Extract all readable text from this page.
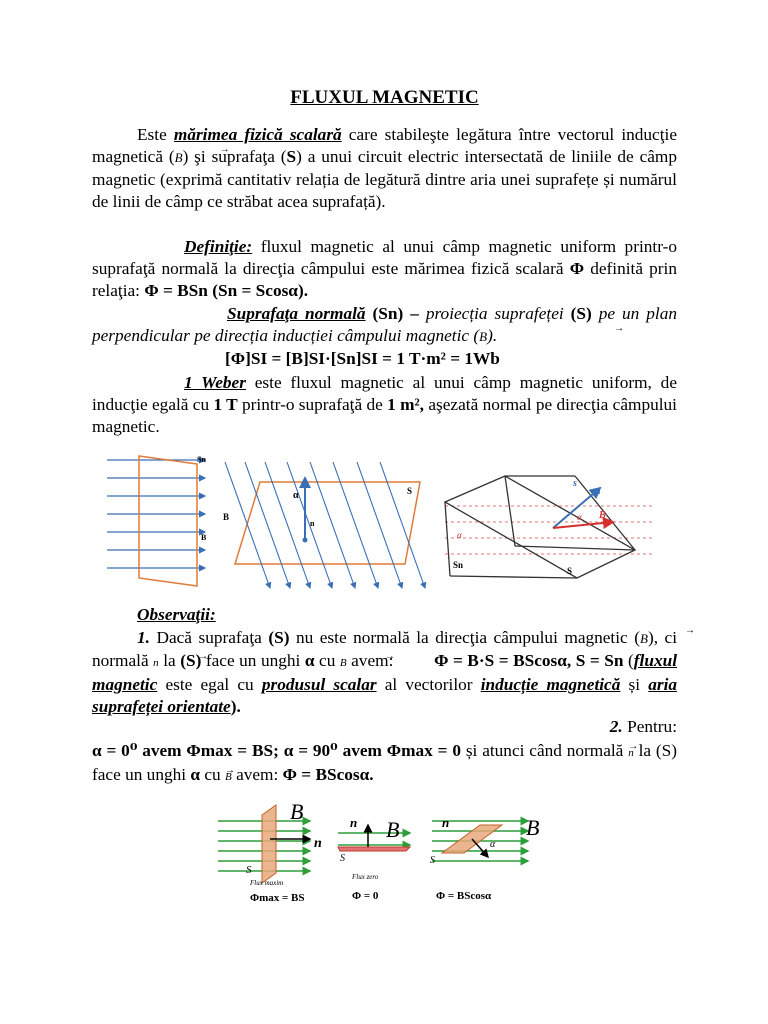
FLUXUL MAGNETIC

Este mărimea fizică scalară care stabileşte legătura între vectorul inducţie magnetică (→ B) şi suprafaţa (S) a unui circuit electric intersectată de liniile de câmp magnetic (exprimă cantitativ relația de legătură dintre aria unei suprafețe și numărul de linii de câmp ce străbat acea suprafață).

Definiţie: fluxul magnetic al unui câmp magnetic uniform printr-o suprafaţă normală la direcţia câmpului este mărimea fizică scalară Φ definită prin relaţia: Φ = BSn (Sn = Scosα).

Suprafaţa normală (Sn) – proiecția suprafeței (S) pe un plan perpendicular pe direcția inducției câmpului magnetic (→ B).

[Φ]SI = [B]SI·[Sn]SI = 1 T·m² = 1Wb

1 Weber este fluxul magnetic al unui câmp magnetic uniform, de inducţie egală cu 1 T printr-o suprafaţă de 1 m², aşezată normal pe direcţia câmpului magnetic.

Observaţii:

1. Dacă suprafaţa (S) nu este normală la direcţia câmpului magnetic (→ B), ci normală → n la (S) face un unghi α cu → B avem: Φ = B·S = BScosα, S = Sn (fluxul magnetic este egal cu produsul scalar al vectorilor inducție magnetică și aria suprafeței orientate).

2. Pentru:

α = 0⁰ avem Φmax = BS; α = 90⁰ avem Φmax = 0 și atunci când normală → n la (S) face un unghi α cu → B avem: Φ = BScosα.

Sn
B
B
α	S
n
s
n
B
α
α
Sn
S
B
n
S
Flux maxim
Φmax = BS
n B
S
Flux zero
Φ = 0
n	B
α
S
Φ = BScosα
